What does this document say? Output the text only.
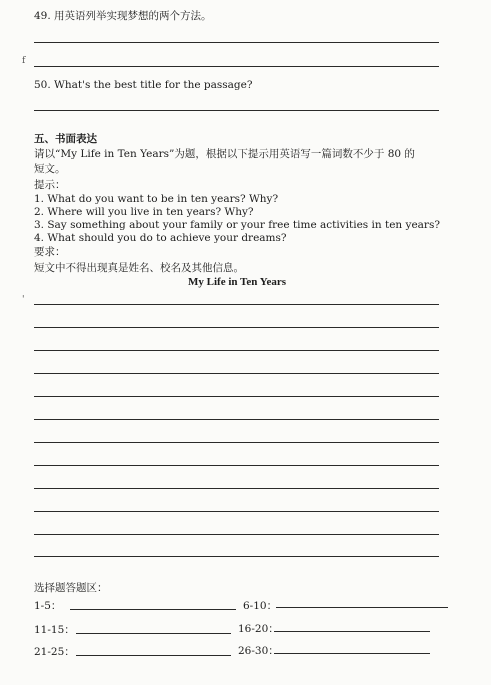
49. 用英语列举实现梦想的两个方法。
f
50. What's the best title for the passage?
五、书面表达
请以“My Life in Ten Years”为题，根据以下提示用英语写一篇词数不少于 80 的
短文。
提示：
1. What do you want to be in ten years? Why?
2. Where will you live in ten years? Why?
3. Say something about your family or your free time activities in ten years?
4. What should you do to achieve your dreams?
要求：
短文中不得出现真是姓名、校名及其他信息。
My Life in Ten Years
'
选择题答题区：
1-5：	6-10：
11-15：	16-20：
21-25：	26-30：
